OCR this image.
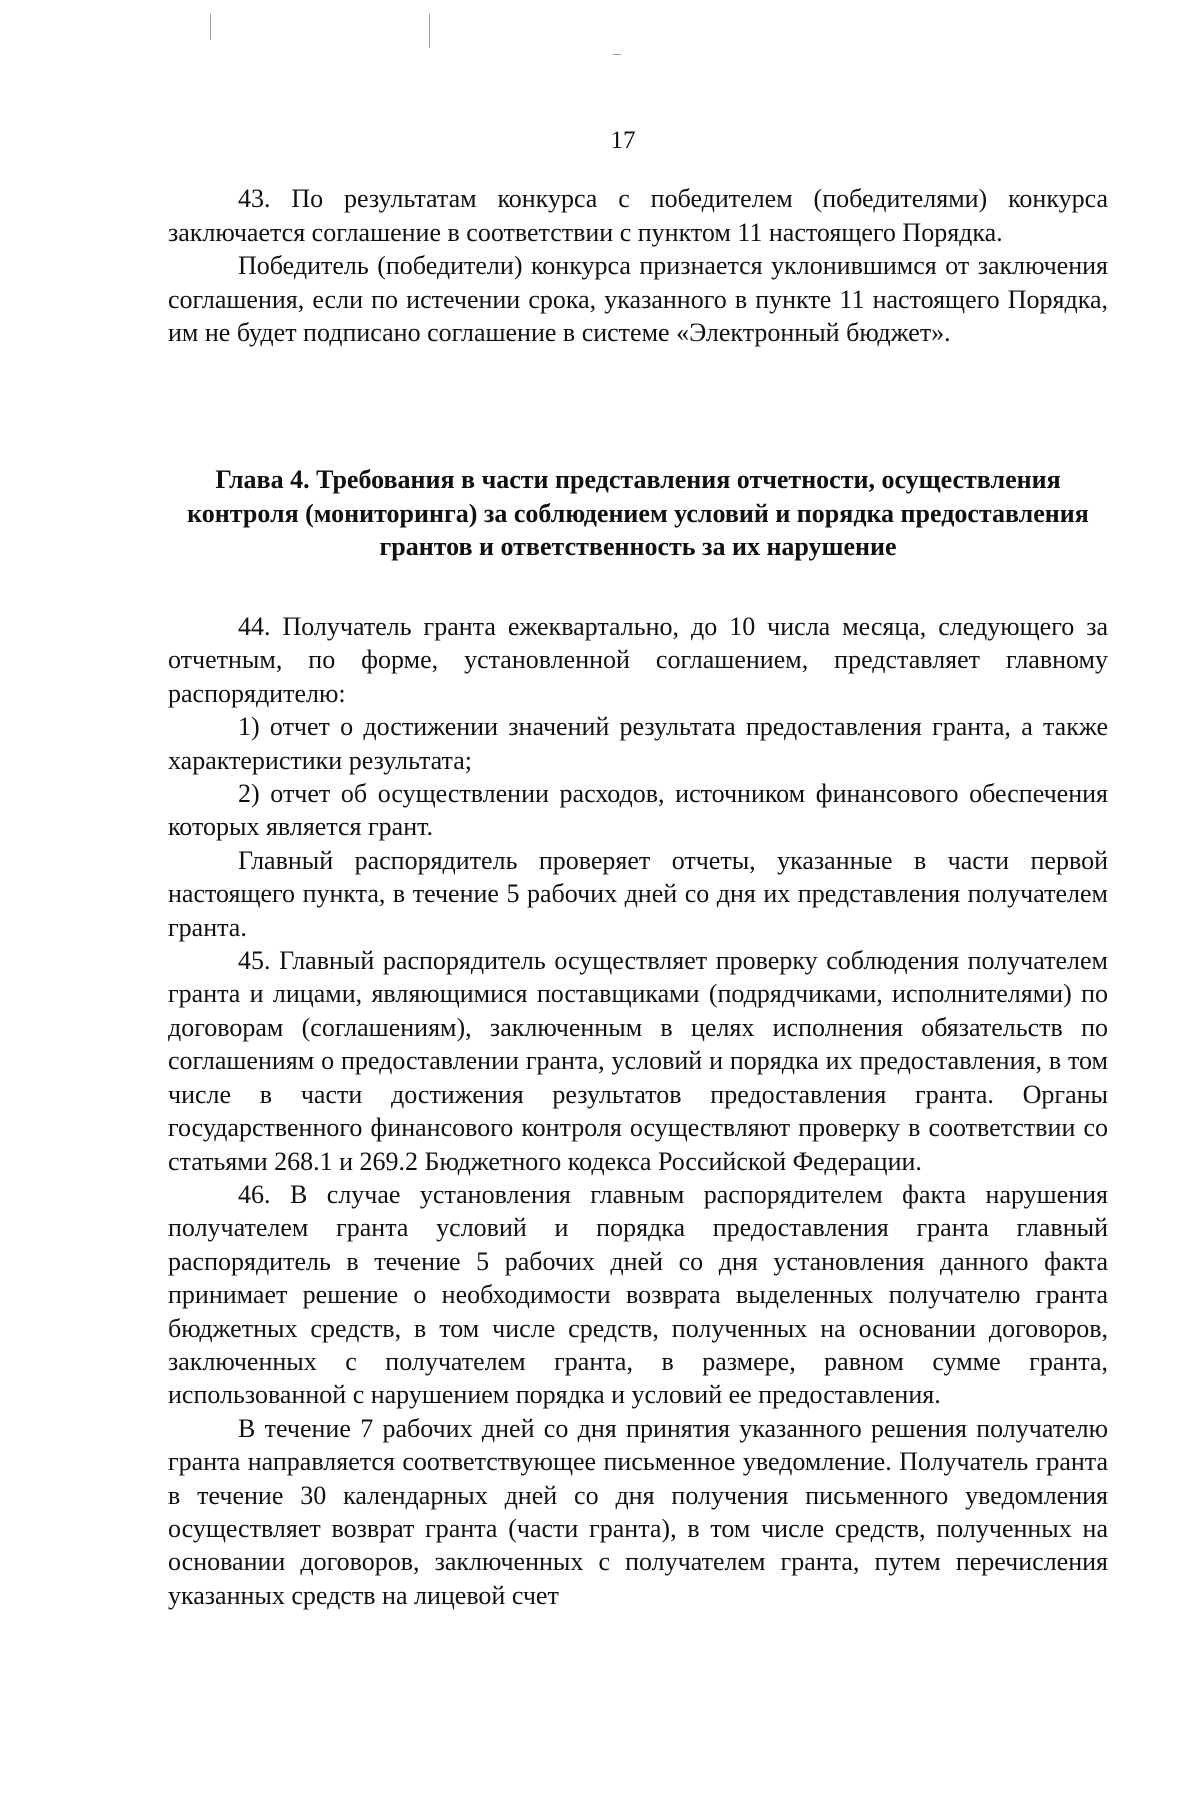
17

43. По результатам конкурса с победителем (победителями) конкурса заключается соглашение в соответствии с пунктом 11 настоящего Порядка.

Победитель (победители) конкурса признается уклонившимся от заключения соглашения, если по истечении срока, указанного в пункте 11 настоящего Порядка, им не будет подписано соглашение в системе «Электронный бюджет».

Глава 4. Требования в части представления отчетности, осуществления контроля (мониторинга) за соблюдением условий и порядка предоставления грантов и ответственность за их нарушение

44. Получатель гранта ежеквартально, до 10 числа месяца, следующего за отчетным, по форме, установленной соглашением, представляет главному распорядителю:

1) отчет о достижении значений результата предоставления гранта, а также характеристики результата;

2) отчет об осуществлении расходов, источником финансового обеспечения которых является грант.

Главный распорядитель проверяет отчеты, указанные в части первой настоящего пункта, в течение 5 рабочих дней со дня их представления получателем гранта.

45. Главный распорядитель осуществляет проверку соблюдения получателем гранта и лицами, являющимися поставщиками (подрядчиками, исполнителями) по договорам (соглашениям), заключенным в целях исполнения обязательств по соглашениям о предоставлении гранта, условий и порядка их предоставления, в том числе в части достижения результатов предоставления гранта. Органы государственного финансового контроля осуществляют проверку в соответствии со статьями 268.1 и 269.2 Бюджетного кодекса Российской Федерации.

46. В случае установления главным распорядителем факта нарушения получателем гранта условий и порядка предоставления гранта главный распорядитель в течение 5 рабочих дней со дня установления данного факта принимает решение о необходимости возврата выделенных получателю гранта бюджетных средств, в том числе средств, полученных на основании договоров, заключенных с получателем гранта, в размере, равном сумме гранта, использованной с нарушением порядка и условий ее предоставления.

В течение 7 рабочих дней со дня принятия указанного решения получателю гранта направляется соответствующее письменное уведомление. Получатель гранта в течение 30 календарных дней со дня получения письменного уведомления осуществляет возврат гранта (части гранта), в том числе средств, полученных на основании договоров, заключенных с получателем гранта, путем перечисления указанных средств на лицевой счет
